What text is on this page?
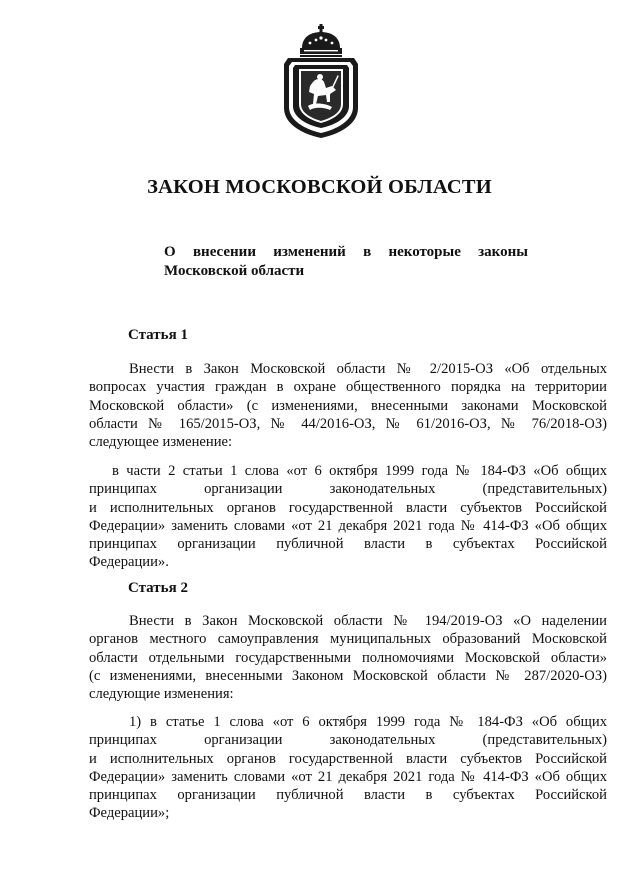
ЗАКОН МОСКОВСКОЙ ОБЛАСТИ
О внесении изменений в некоторые законы
Московской области
Статья 1
Внести в Закон Московской области № 2/2015-ОЗ «Об отдельных
вопросах участия граждан в охране общественного порядка на территории
Московской области» (с изменениями, внесенными законами Московской
области № 165/2015-ОЗ, № 44/2016-ОЗ, № 61/2016-ОЗ, № 76/2018-ОЗ)
следующее изменение:
в части 2 статьи 1 слова «от 6 октября 1999 года № 184-ФЗ «Об общих
принципах организации законодательных (представительных)
и исполнительных органов государственной власти субъектов Российской
Федерации» заменить словами «от 21 декабря 2021 года № 414-ФЗ «Об общих
принципах организации публичной власти в субъектах Российской
Федерации».
Статья 2
Внести в Закон Московской области № 194/2019-ОЗ «О наделении
органов местного самоуправления муниципальных образований Московской
области отдельными государственными полномочиями Московской области»
(с изменениями, внесенными Законом Московской области № 287/2020-ОЗ)
следующие изменения:
1) в статье 1 слова «от 6 октября 1999 года № 184-ФЗ «Об общих
принципах организации законодательных (представительных)
и исполнительных органов государственной власти субъектов Российской
Федерации» заменить словами «от 21 декабря 2021 года № 414-ФЗ «Об общих
принципах организации публичной власти в субъектах Российской
Федерации»;
